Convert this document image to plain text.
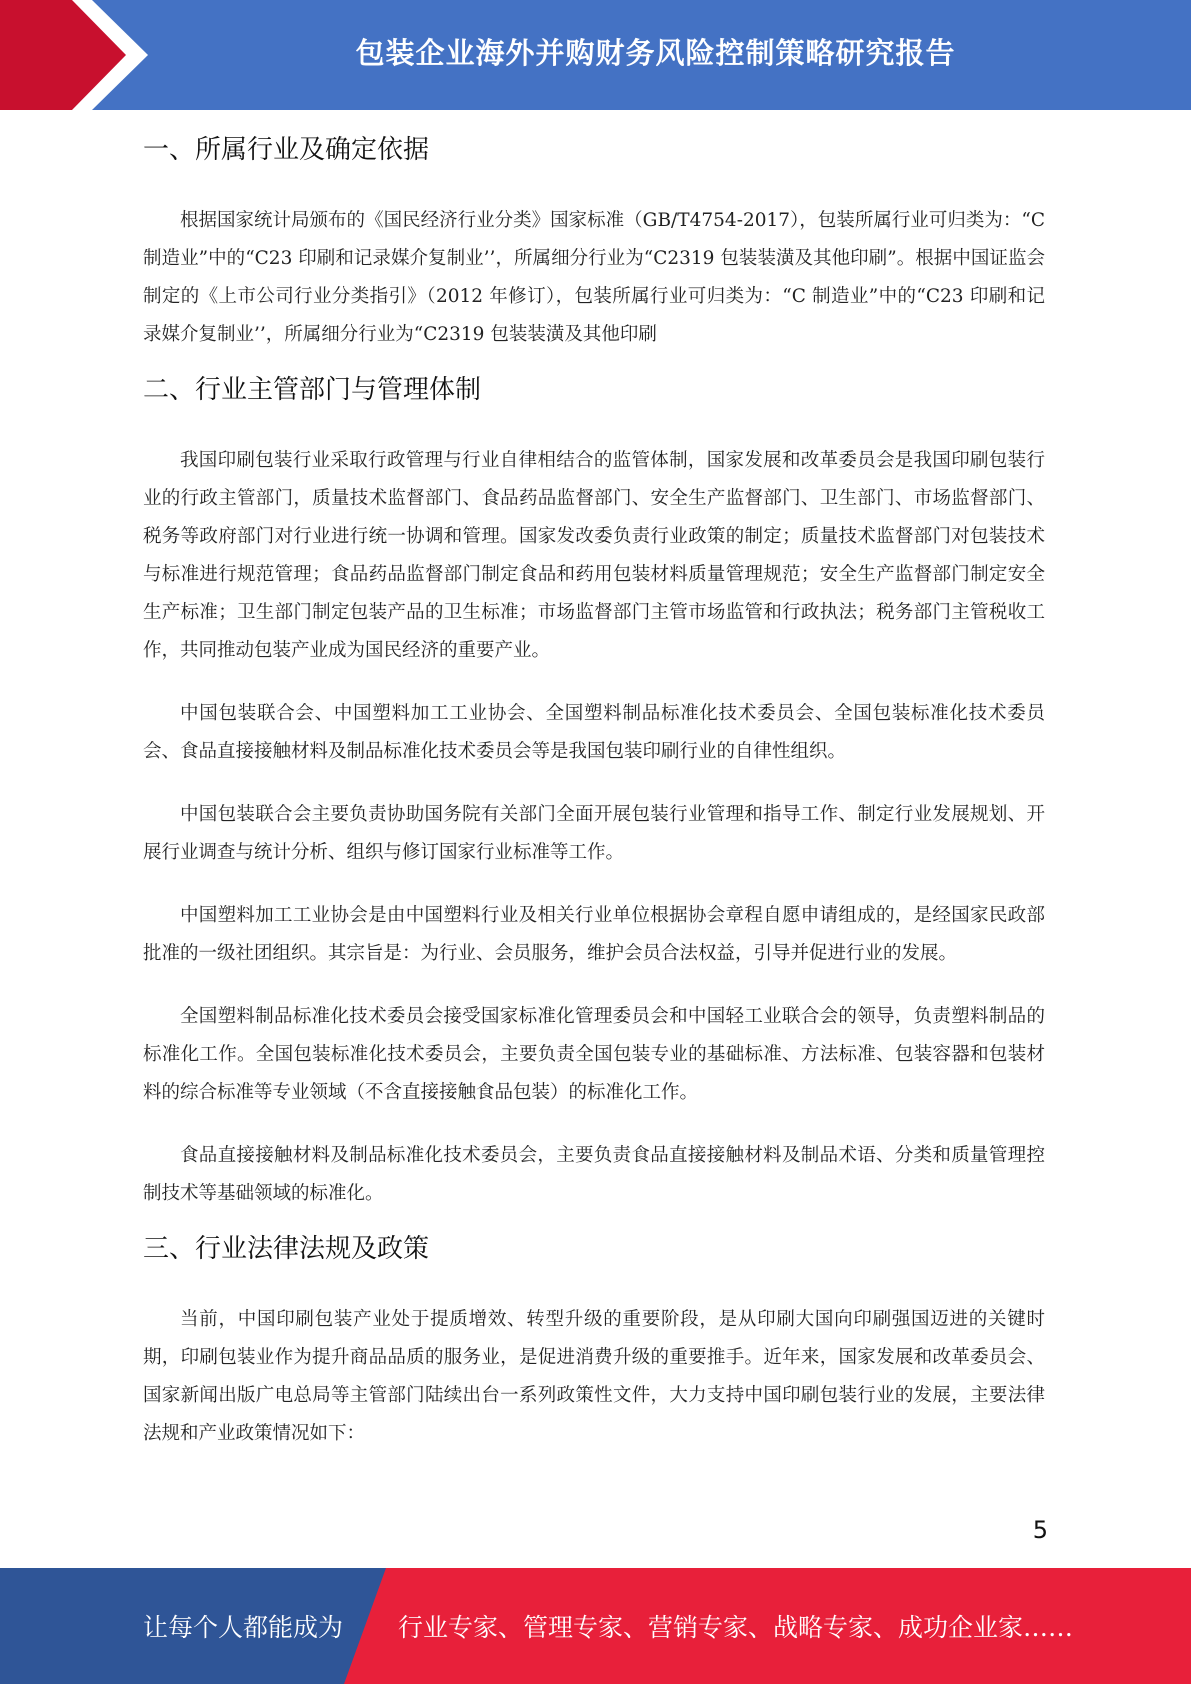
包装企业海外并购财务风险控制策略研究报告
一、所属行业及确定依据

根据国家统计局颁布的《国民经济行业分类》国家标准（GB/T4754-2017），包装所属行业可归类为：“C 制造业”中的“C23 印刷和记录媒介复制业’’，所属细分行业为“C2319 包装装潢及其他印刷”。根据中国证监会制定的《上市公司行业分类指引》（2012 年修订），包装所属行业可归类为：“C 制造业”中的“C23 印刷和记录媒介复制业’’，所属细分行业为“C2319 包装装潢及其他印刷

二、行业主管部门与管理体制

我国印刷包装行业采取行政管理与行业自律相结合的监管体制，国家发展和改革委员会是我国印刷包装行业的行政主管部门，质量技术监督部门、食品药品监督部门、安全生产监督部门、卫生部门、市场监督部门、税务等政府部门对行业进行统一协调和管理。国家发改委负责行业政策的制定；质量技术监督部门对包装技术与标准进行规范管理；食品药品监督部门制定食品和药用包装材料质量管理规范；安全生产监督部门制定安全生产标准；卫生部门制定包装产品的卫生标准；市场监督部门主管市场监管和行政执法；税务部门主管税收工作，共同推动包装产业成为国民经济的重要产业。

中国包装联合会、中国塑料加工工业协会、全国塑料制品标准化技术委员会、全国包装标准化技术委员会、食品直接接触材料及制品标准化技术委员会等是我国包装印刷行业的自律性组织。

中国包装联合会主要负责协助国务院有关部门全面开展包装行业管理和指导工作、制定行业发展规划、开展行业调查与统计分析、组织与修订国家行业标准等工作。

中国塑料加工工业协会是由中国塑料行业及相关行业单位根据协会章程自愿申请组成的，是经国家民政部批准的一级社团组织。其宗旨是：为行业、会员服务，维护会员合法权益，引导并促进行业的发展。

全国塑料制品标准化技术委员会接受国家标准化管理委员会和中国轻工业联合会的领导，负责塑料制品的标准化工作。全国包装标准化技术委员会，主要负责全国包装专业的基础标准、方法标准、包装容器和包装材料的综合标准等专业领域（不含直接接触食品包装）的标准化工作。

食品直接接触材料及制品标准化技术委员会，主要负责食品直接接触材料及制品术语、分类和质量管理控制技术等基础领域的标准化。

三、行业法律法规及政策

当前，中国印刷包装产业处于提质增效、转型升级的重要阶段，是从印刷大国向印刷强国迈进的关键时期，印刷包装业作为提升商品品质的服务业，是促进消费升级的重要推手。近年来，国家发展和改革委员会、国家新闻出版广电总局等主管部门陆续出台一系列政策性文件，大力支持中国印刷包装行业的发展，主要法律法规和产业政策情况如下：

5
让每个人都能成为 行业专家、管理专家、营销专家、战略专家、成功企业家……
